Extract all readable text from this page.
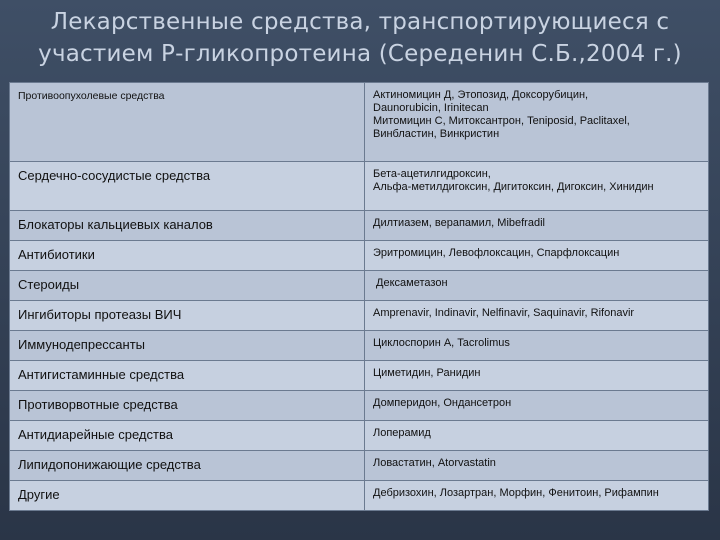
Лекарственные средства, транспортирующиеся с
участием Р-гликопротеина (Середенин С.Б.,2004 г.)
Противоопухолевые средства	Актиномицин Д, Этопозид, Доксорубицин,
Daunorubicin, Irinitecan
Митомицин С, Митоксантрон, Teniposid, Paclitaxel,
Винбластин, Винкристин

Сердечно-сосудистые средства	Бета-ацетилгидроксин,
Альфа-метилдигоксин, Дигитоксин, Дигоксин, Хинидин

Блокаторы кальциевых каналов	Дилтиазем, верапамил, Mibefradil

Антибиотики	Эритромицин, Левофлоксацин, Спарфлоксацин

Стероиды	Дексаметазон

Ингибиторы протеазы ВИЧ	Amprenavir, Indinavir, Nelfinavir, Saquinavir, Rifonavir

Иммунодепрессанты	Циклоспорин А, Tacrolimus

Антигистаминные средства	Циметидин, Ранидин

Противорвотные средства	Домперидон, Ондансетрон

Антидиарейные средства	Лоперамид

Липидопонижающие средства	Ловастатин, Atorvastatin

Другие	Дебризохин, Лозартран, Морфин, Фенитоин, Рифампин
